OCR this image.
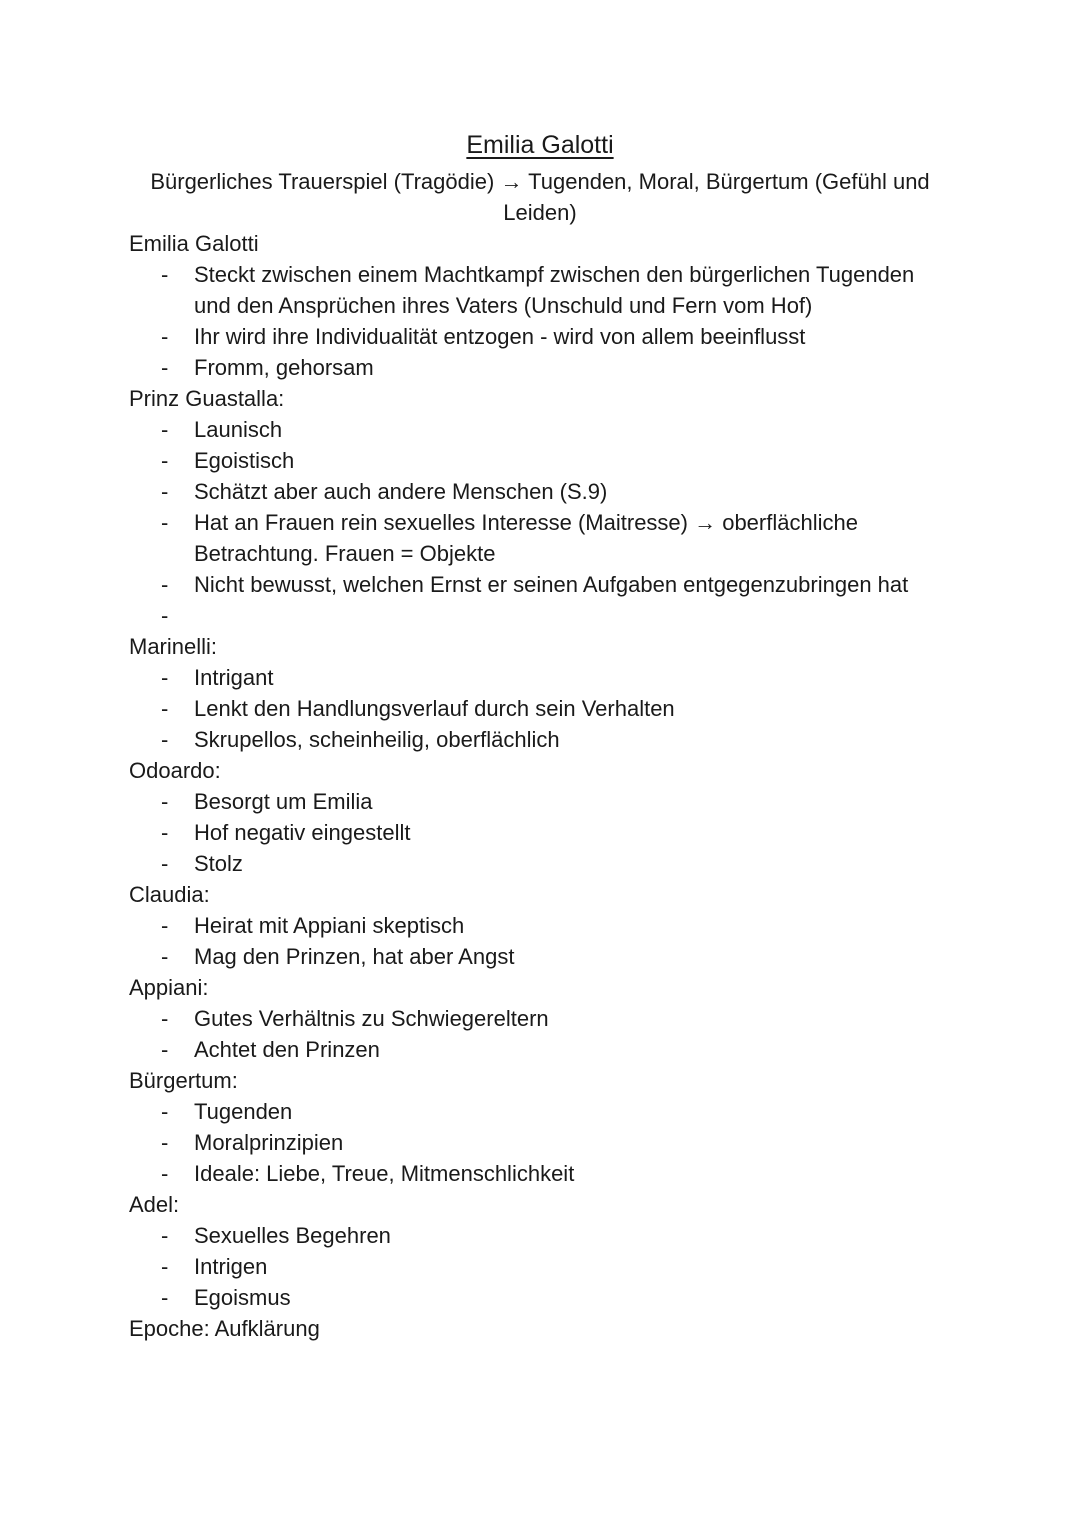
Emilia Galotti
Bürgerliches Trauerspiel (Tragödie) → Tugenden, Moral, Bürgertum (Gefühl und Leiden)
Emilia Galotti
- Steckt zwischen einem Machtkampf zwischen den bürgerlichen Tugenden und den Ansprüchen ihres Vaters (Unschuld und Fern vom Hof)
- Ihr wird ihre Individualität entzogen - wird von allem beeinflusst
- Fromm, gehorsam
Prinz Guastalla:
- Launisch
- Egoistisch
- Schätzt aber auch andere Menschen (S.9)
- Hat an Frauen rein sexuelles Interesse (Maitresse) → oberflächliche Betrachtung. Frauen = Objekte
- Nicht bewusst, welchen Ernst er seinen Aufgaben entgegenzubringen hat
-
Marinelli:
- Intrigant
- Lenkt den Handlungsverlauf durch sein Verhalten
- Skrupellos, scheinheilig, oberflächlich
Odoardo:
- Besorgt um Emilia
- Hof negativ eingestellt
- Stolz
Claudia:
- Heirat mit Appiani skeptisch
- Mag den Prinzen, hat aber Angst
Appiani:
- Gutes Verhältnis zu Schwiegereltern
- Achtet den Prinzen
Bürgertum:
- Tugenden
- Moralprinzipien
- Ideale: Liebe, Treue, Mitmenschlichkeit
Adel:
- Sexuelles Begehren
- Intrigen
- Egoismus
Epoche: Aufklärung
